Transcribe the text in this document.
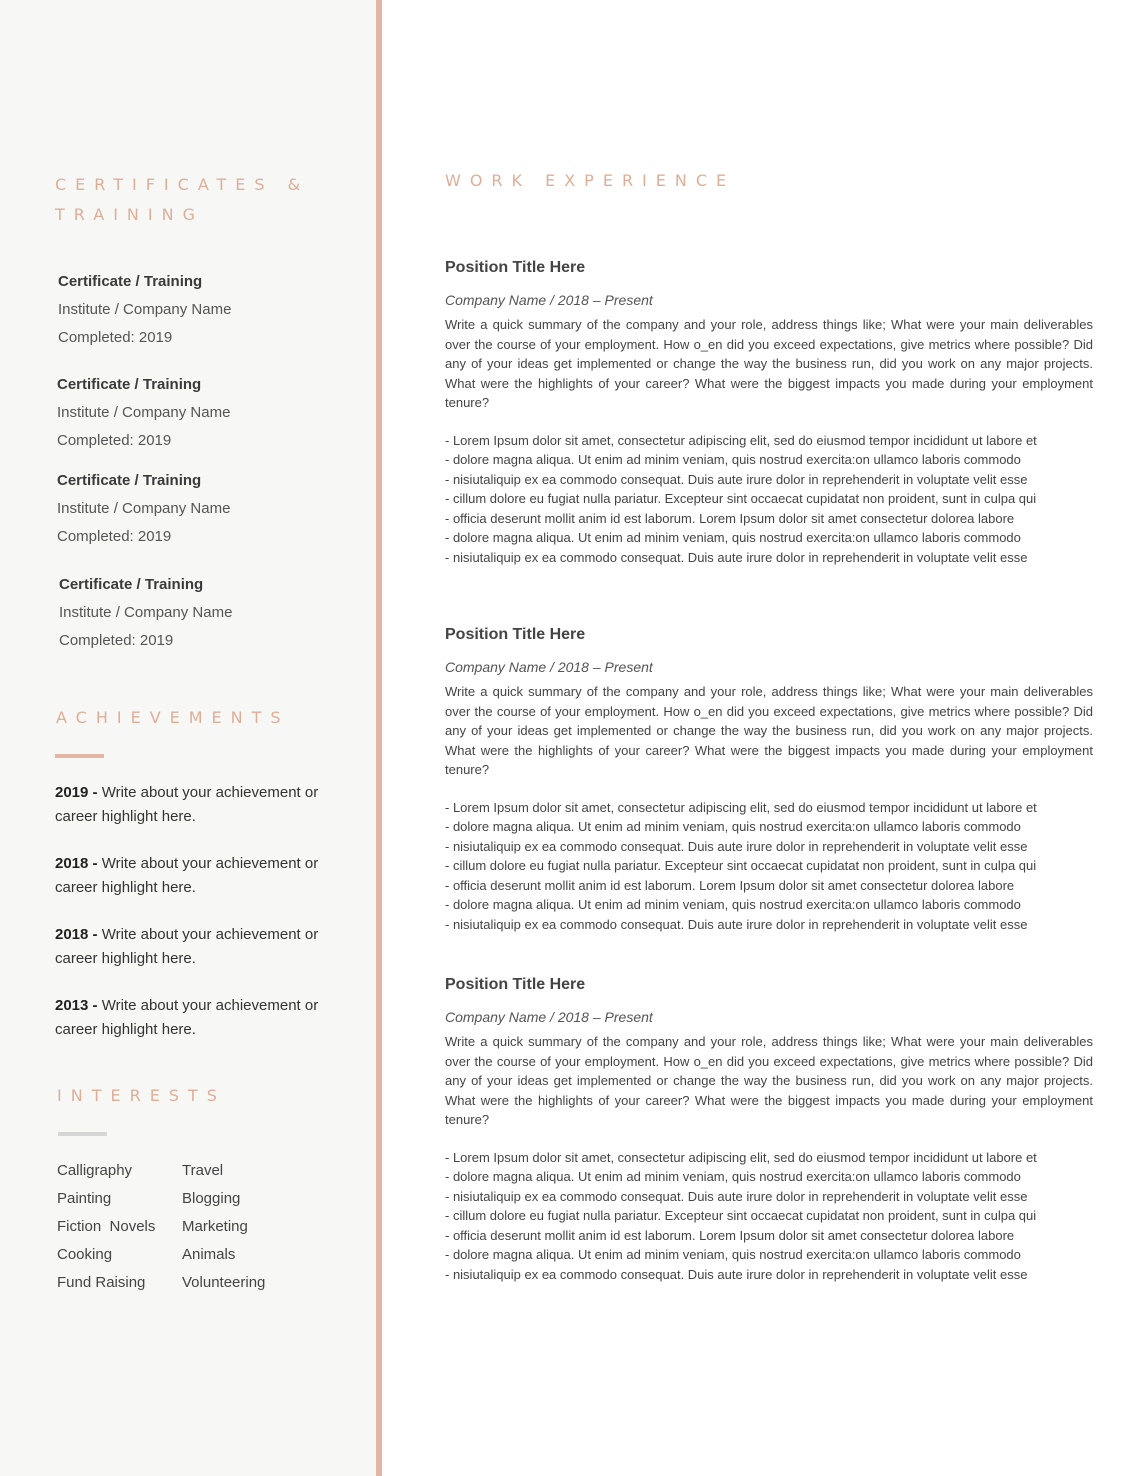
CERTIFICATES & TRAINING
Certificate / Training
Institute / Company Name
Completed: 2019
Certificate / Training
Institute / Company Name
Completed: 2019
Certificate / Training
Institute / Company Name
Completed: 2019
Certificate / Training
Institute / Company Name
Completed: 2019
ACHIEVEMENTS
2019 - Write about your achievement or career highlight here.
2018 - Write about your achievement or career highlight here.
2018 - Write about your achievement or career highlight here.
2013 - Write about your achievement or career highlight here.
INTERESTS
Calligraphy
Painting
Fiction  Novels
Cooking
Fund Raising
Travel
Blogging
Marketing
Animals
Volunteering
WORK EXPERIENCE
Position Title Here
Company Name / 2018 – Present

Write a quick summary of the company and your role, address things like; What were your main deliverables over the course of your employment. How o_en did you exceed expectations, give metrics where possible? Did any of your ideas get implemented or change the way the business run, did you work on any major projects. What were the highlights of your career? What were the biggest impacts you made during your employment tenure?

- Lorem Ipsum dolor sit amet, consectetur adipiscing elit, sed do eiusmod tempor incididunt ut labore et
- dolore magna aliqua. Ut enim ad minim veniam, quis nostrud exercita:on ullamco laboris commodo
- nisiutaliquip ex ea commodo consequat. Duis aute irure dolor in reprehenderit in voluptate velit esse
- cillum dolore eu fugiat nulla pariatur. Excepteur sint occaecat cupidatat non proident, sunt in culpa qui
- officia deserunt mollit anim id est laborum. Lorem Ipsum dolor sit amet consectetur dolorea labore
- dolore magna aliqua. Ut enim ad minim veniam, quis nostrud exercita:on ullamco laboris commodo
- nisiutaliquip ex ea commodo consequat. Duis aute irure dolor in reprehenderit in voluptate velit esse
Position Title Here
Company Name / 2018 – Present

Write a quick summary of the company and your role, address things like; What were your main deliverables over the course of your employment. How o_en did you exceed expectations, give metrics where possible? Did any of your ideas get implemented or change the way the business run, did you work on any major projects. What were the highlights of your career? What were the biggest impacts you made during your employment tenure?

- Lorem Ipsum dolor sit amet, consectetur adipiscing elit, sed do eiusmod tempor incididunt ut labore et
- dolore magna aliqua. Ut enim ad minim veniam, quis nostrud exercita:on ullamco laboris commodo
- nisiutaliquip ex ea commodo consequat. Duis aute irure dolor in reprehenderit in voluptate velit esse
- cillum dolore eu fugiat nulla pariatur. Excepteur sint occaecat cupidatat non proident, sunt in culpa qui
- officia deserunt mollit anim id est laborum. Lorem Ipsum dolor sit amet consectetur dolorea labore
- dolore magna aliqua. Ut enim ad minim veniam, quis nostrud exercita:on ullamco laboris commodo
- nisiutaliquip ex ea commodo consequat. Duis aute irure dolor in reprehenderit in voluptate velit esse
Position Title Here
Company Name / 2018 – Present

Write a quick summary of the company and your role, address things like; What were your main deliverables over the course of your employment. How o_en did you exceed expectations, give metrics where possible? Did any of your ideas get implemented or change the way the business run, did you work on any major projects. What were the highlights of your career? What were the biggest impacts you made during your employment tenure?

- Lorem Ipsum dolor sit amet, consectetur adipiscing elit, sed do eiusmod tempor incididunt ut labore et
- dolore magna aliqua. Ut enim ad minim veniam, quis nostrud exercita:on ullamco laboris commodo
- nisiutaliquip ex ea commodo consequat. Duis aute irure dolor in reprehenderit in voluptate velit esse
- cillum dolore eu fugiat nulla pariatur. Excepteur sint occaecat cupidatat non proident, sunt in culpa qui
- officia deserunt mollit anim id est laborum. Lorem Ipsum dolor sit amet consectetur dolorea labore
- dolore magna aliqua. Ut enim ad minim veniam, quis nostrud exercita:on ullamco laboris commodo
- nisiutaliquip ex ea commodo consequat. Duis aute irure dolor in reprehenderit in voluptate velit esse
